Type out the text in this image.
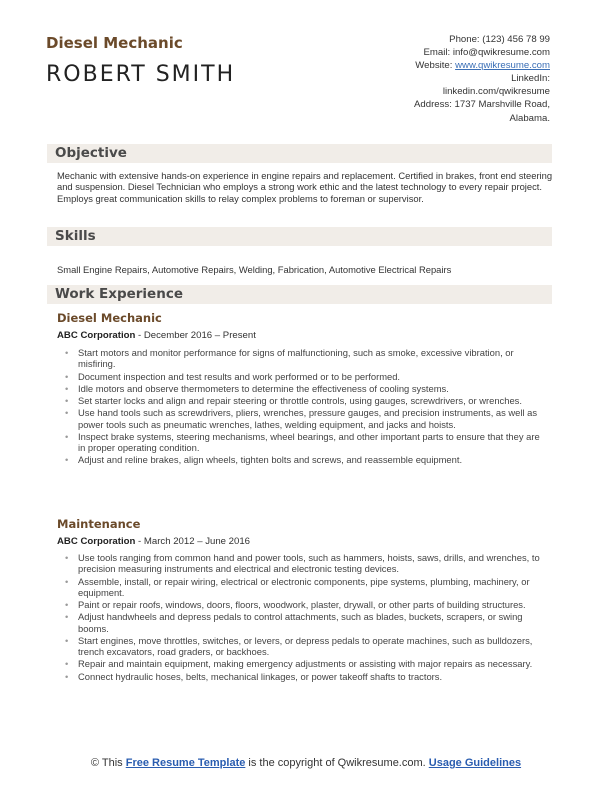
Diesel Mechanic
ROBERT SMITH
Phone: (123) 456 78 99
Email: info@qwikresume.com
Website: www.qwikresume.com
LinkedIn:
linkedin.com/qwikresume
Address: 1737 Marshville Road,
Alabama.
Objective
Mechanic with extensive hands-on experience in engine repairs and replacement. Certified in brakes, front end steering and suspension. Diesel Technician who employs a strong work ethic and the latest technology to every repair project. Employs great communication skills to relay complex problems to foreman or supervisor.
Skills
Small Engine Repairs, Automotive Repairs, Welding, Fabrication, Automotive Electrical Repairs
Work Experience
Diesel Mechanic
ABC Corporation - December 2016 – Present
• Start motors and monitor performance for signs of malfunctioning, such as smoke, excessive vibration, or misfiring.
• Document inspection and test results and work performed or to be performed.
• Idle motors and observe thermometers to determine the effectiveness of cooling systems.
• Set starter locks and align and repair steering or throttle controls, using gauges, screwdrivers, or wrenches.
• Use hand tools such as screwdrivers, pliers, wrenches, pressure gauges, and precision instruments, as well as power tools such as pneumatic wrenches, lathes, welding equipment, and jacks and hoists.
• Inspect brake systems, steering mechanisms, wheel bearings, and other important parts to ensure that they are in proper operating condition.
• Adjust and reline brakes, align wheels, tighten bolts and screws, and reassemble equipment.
Maintenance
ABC Corporation - March 2012 – June 2016
• Use tools ranging from common hand and power tools, such as hammers, hoists, saws, drills, and wrenches, to precision measuring instruments and electrical and electronic testing devices.
• Assemble, install, or repair wiring, electrical or electronic components, pipe systems, plumbing, machinery, or equipment.
• Paint or repair roofs, windows, doors, floors, woodwork, plaster, drywall, or other parts of building structures.
• Adjust handwheels and depress pedals to control attachments, such as blades, buckets, scrapers, or swing booms.
• Start engines, move throttles, switches, or levers, or depress pedals to operate machines, such as bulldozers, trench excavators, road graders, or backhoes.
• Repair and maintain equipment, making emergency adjustments or assisting with major repairs as necessary.
• Connect hydraulic hoses, belts, mechanical linkages, or power takeoff shafts to tractors.
© This Free Resume Template is the copyright of Qwikresume.com. Usage Guidelines
